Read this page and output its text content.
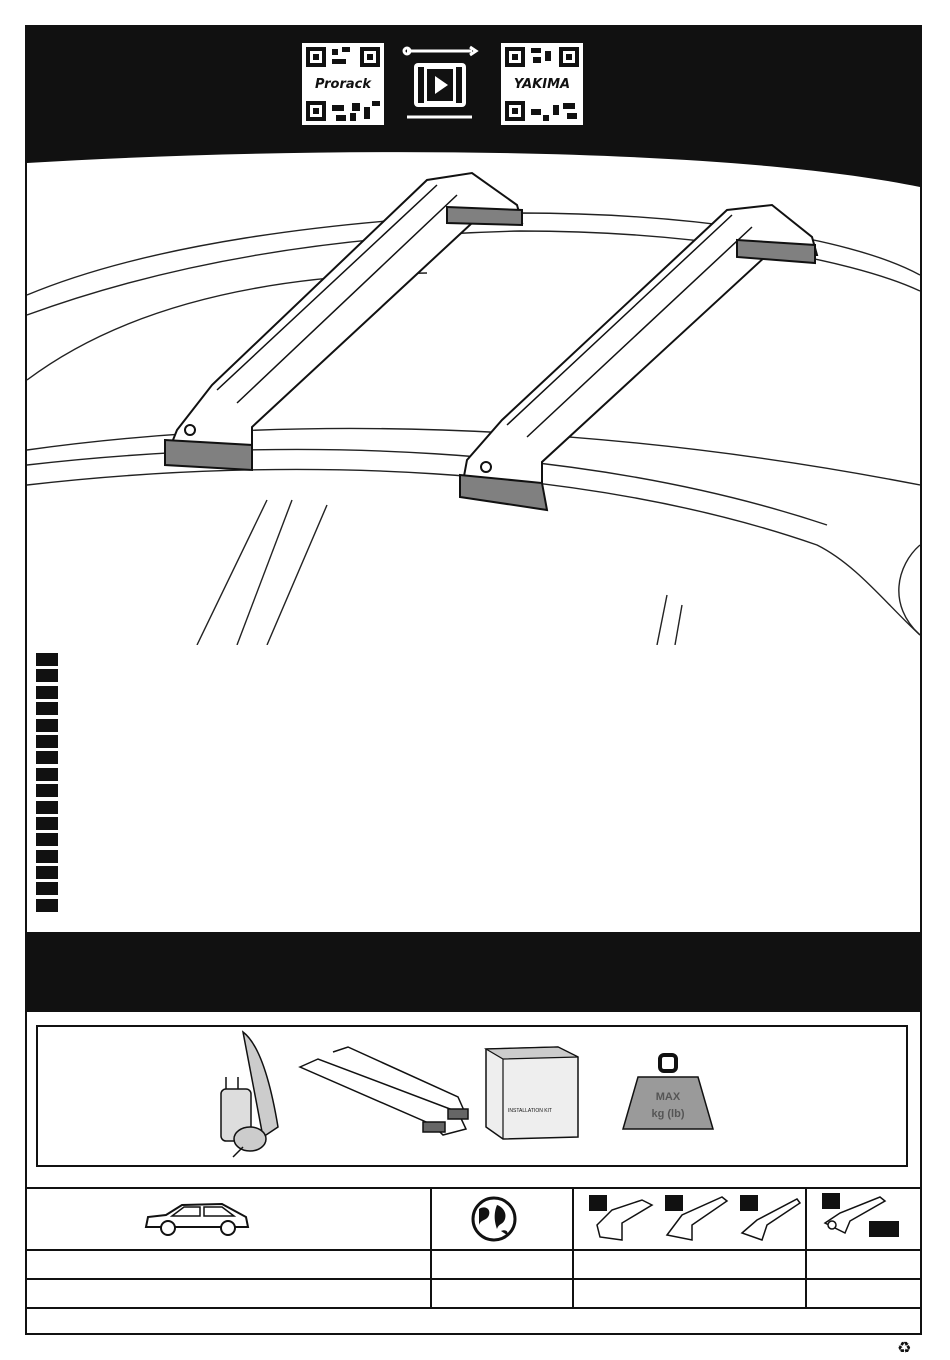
Prorack	YAKIMA
INSTALLATION KIT
MAX
kg (lb)
♻
